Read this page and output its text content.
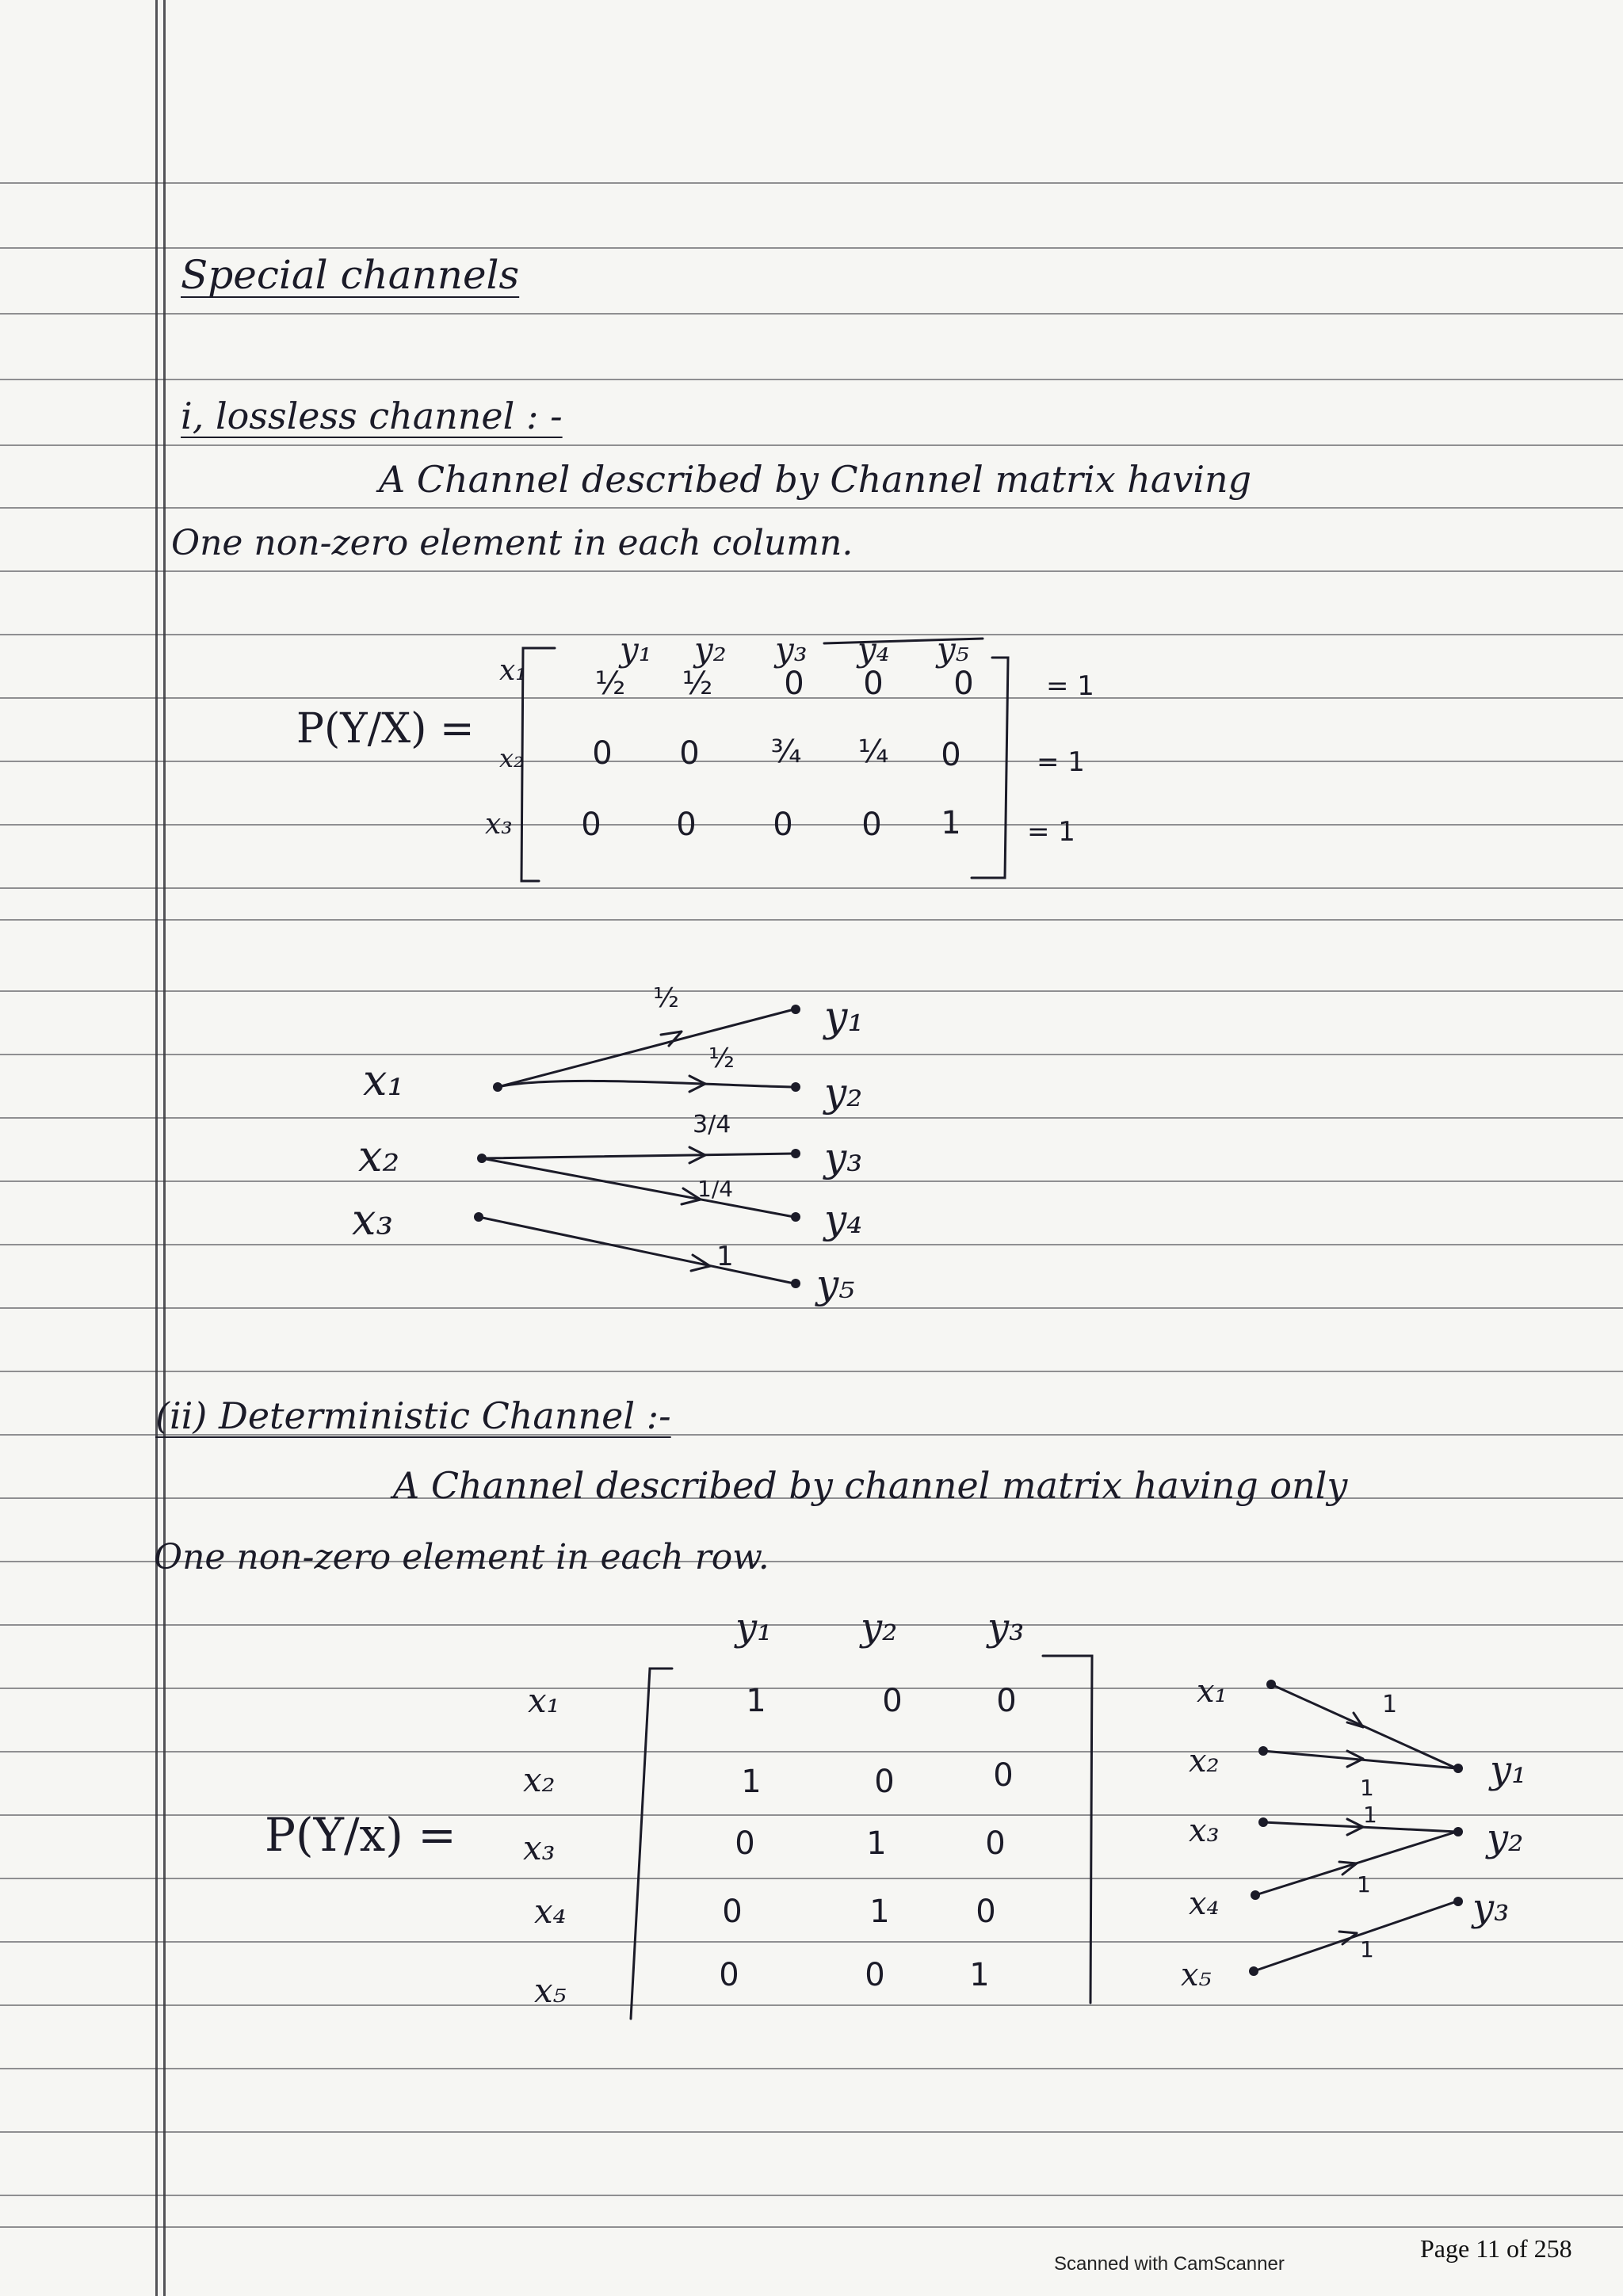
Special channels
i, lossless channel : -
A Channel described by Channel matrix having
One non-zero element in each column.
P(Y/X) =
y₁ y₂ y₃ y₄ y₅
x₁
x₂
x₃
½	½	0	0	0
0	0	¾	¼	0
0	0	0	0	1
= 1
= 1
= 1
x₁
x₂
x₃
y₁
y₂
y₃
y₄
y₅
½
½
3/4
1/4
1
(ii) Deterministic Channel :-
A Channel described by channel matrix having only
One non-zero element in each row.
P(Y/x) =
y₁ y₂ y₃
x₁
x₂
x₃
x₄
x₅
1	0	0
1	0	0
0	1	0
0	1	0
0	0	1
x₁
x₂
x₃
x₄
x₅
y₁
y₂
y₃
1
1
1
1
1
Scanned with CamScanner
Page 11 of 258
